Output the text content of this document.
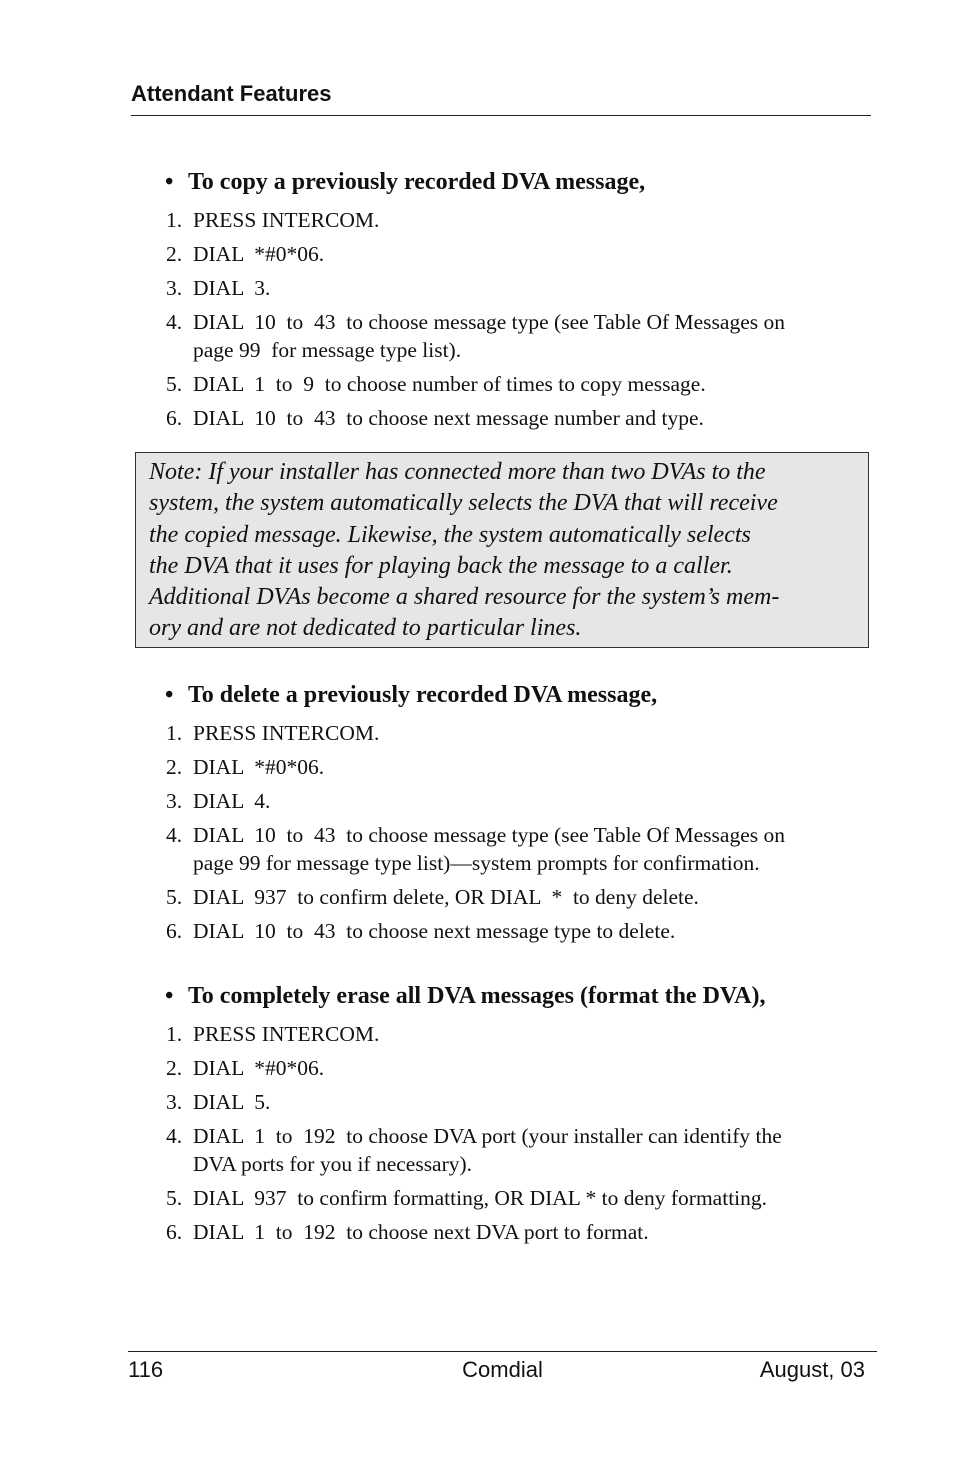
Attendant Features
• To copy a previously recorded DVA message,
1. PRESS INTERCOM.
2. DIAL  *#0*06.
3. DIAL  3.
4. DIAL  10  to  43  to choose message type (see Table Of Messages on
page 99  for message type list).
5. DIAL  1  to  9  to choose number of times to copy message.
6. DIAL  10  to  43  to choose next message number and type.

Note: If your installer has connected more than two DVAs to the
system, the system automatically selects the DVA that will receive
the copied message. Likewise, the system automatically selects
the DVA that it uses for playing back the message to a caller.
Additional DVAs become a shared resource for the system’s mem-
ory and are not dedicated to particular lines.

• To delete a previously recorded DVA message,
1. PRESS INTERCOM.
2. DIAL  *#0*06.
3. DIAL  4.
4. DIAL  10  to  43  to choose message type (see Table Of Messages on
page 99 for message type list)—system prompts for confirmation.
5. DIAL  937  to confirm delete, OR DIAL  *  to deny delete.
6. DIAL  10  to  43  to choose next message type to delete.
• To completely erase all DVA messages (format the DVA),
1. PRESS INTERCOM.
2. DIAL  *#0*06.
3. DIAL  5.
4. DIAL  1  to  192  to choose DVA port (your installer can identify the
DVA ports for you if necessary).
5. DIAL  937  to confirm formatting, OR DIAL * to deny formatting.
6. DIAL  1  to  192  to choose next DVA port to format.
116	Comdial	August, 03
